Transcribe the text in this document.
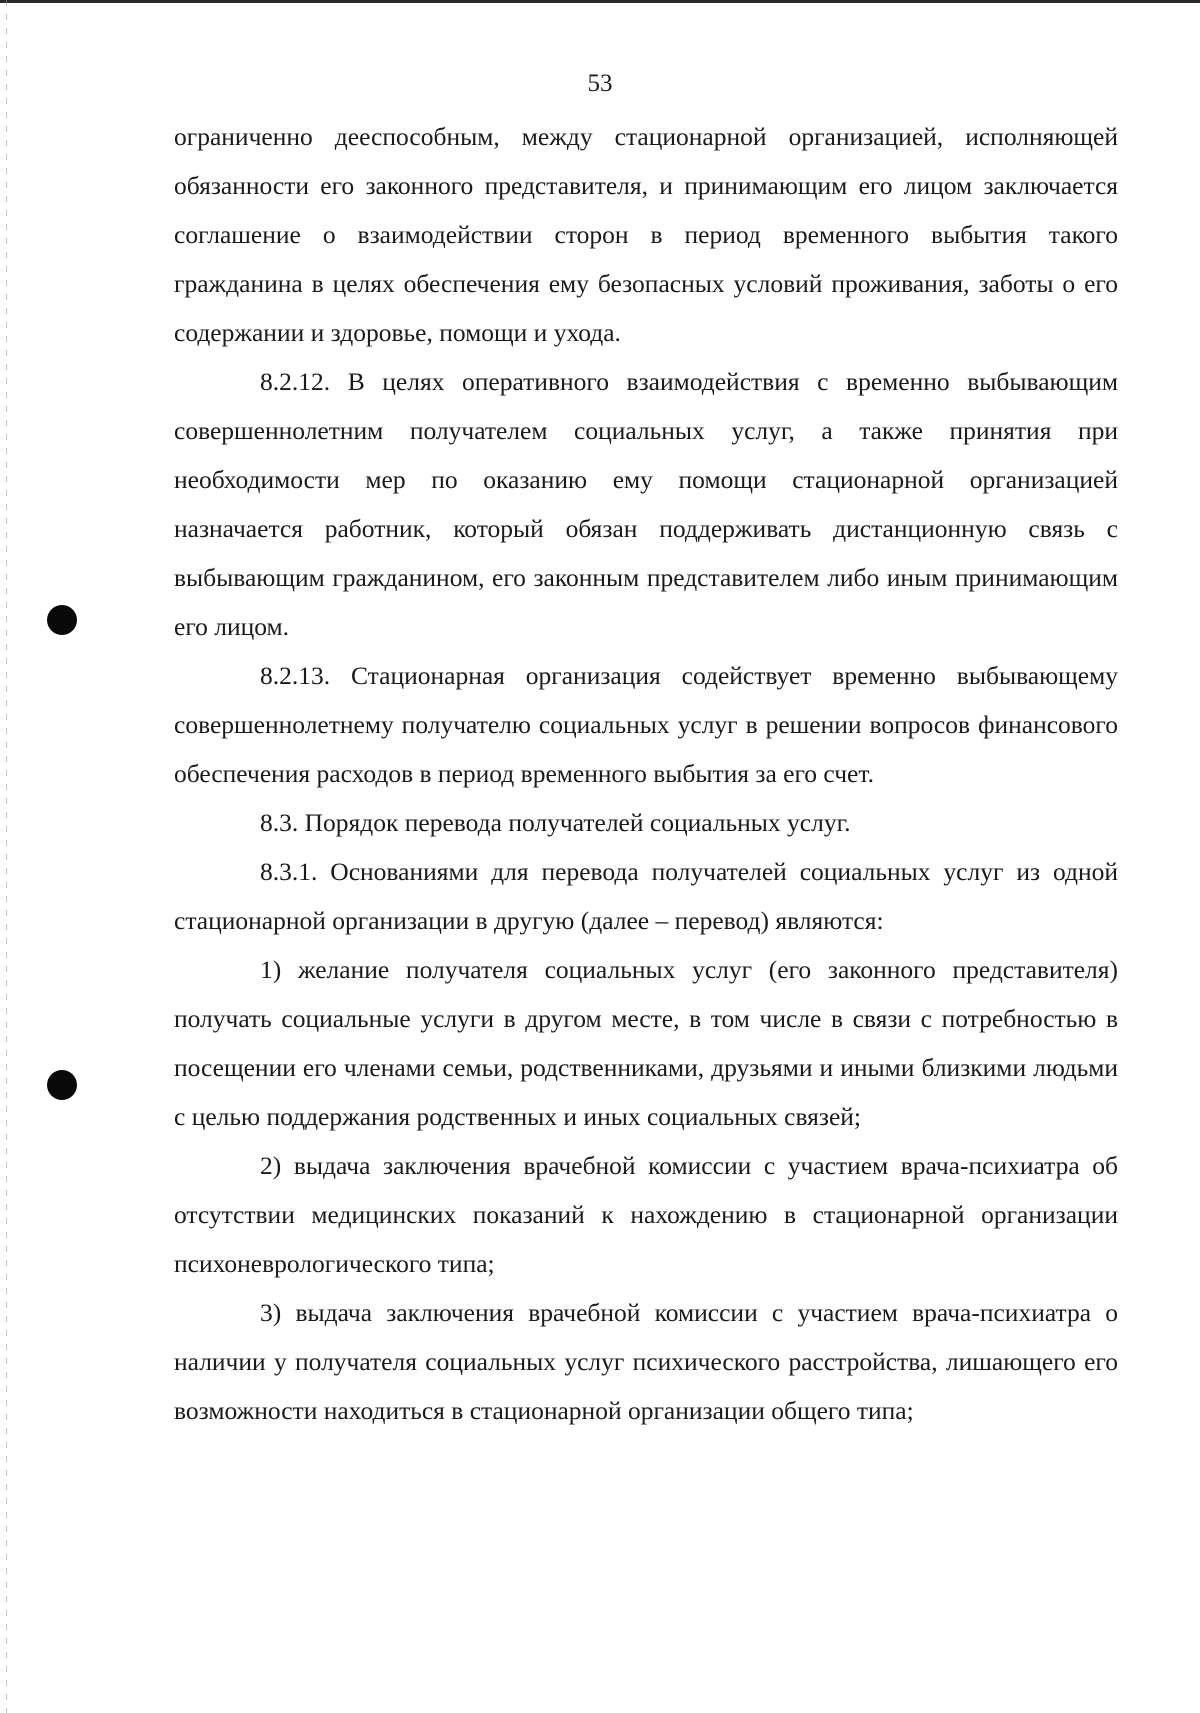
53

ограниченно дееспособным, между стационарной организацией, исполняющей обязанности его законного представителя, и принимающим его лицом заключается соглашение о взаимодействии сторон в период временного выбытия такого гражданина в целях обеспечения ему безопасных условий проживания, заботы о его содержании и здоровье, помощи и ухода.

8.2.12. В целях оперативного взаимодействия с временно выбывающим совершеннолетним получателем социальных услуг, а также принятия при необходимости мер по оказанию ему помощи стационарной организацией назначается работник, который обязан поддерживать дистанционную связь с выбывающим гражданином, его законным представителем либо иным принимающим его лицом.

8.2.13. Стационарная организация содействует временно выбывающему совершеннолетнему получателю социальных услуг в решении вопросов финансового обеспечения расходов в период временного выбытия за его счет.

8.3. Порядок перевода получателей социальных услуг.

8.3.1. Основаниями для перевода получателей социальных услуг из одной стационарной организации в другую (далее – перевод) являются:

1) желание получателя социальных услуг (его законного представителя) получать социальные услуги в другом месте, в том числе в связи с потребностью в посещении его членами семьи, родственниками, друзьями и иными близкими людьми с целью поддержания родственных и иных социальных связей;

2) выдача заключения врачебной комиссии с участием врача-психиатра об отсутствии медицинских показаний к нахождению в стационарной организации психоневрологического типа;

3) выдача заключения врачебной комиссии с участием врача-психиатра о наличии у получателя социальных услуг психического расстройства, лишающего его возможности находиться в стационарной организации общего типа;
